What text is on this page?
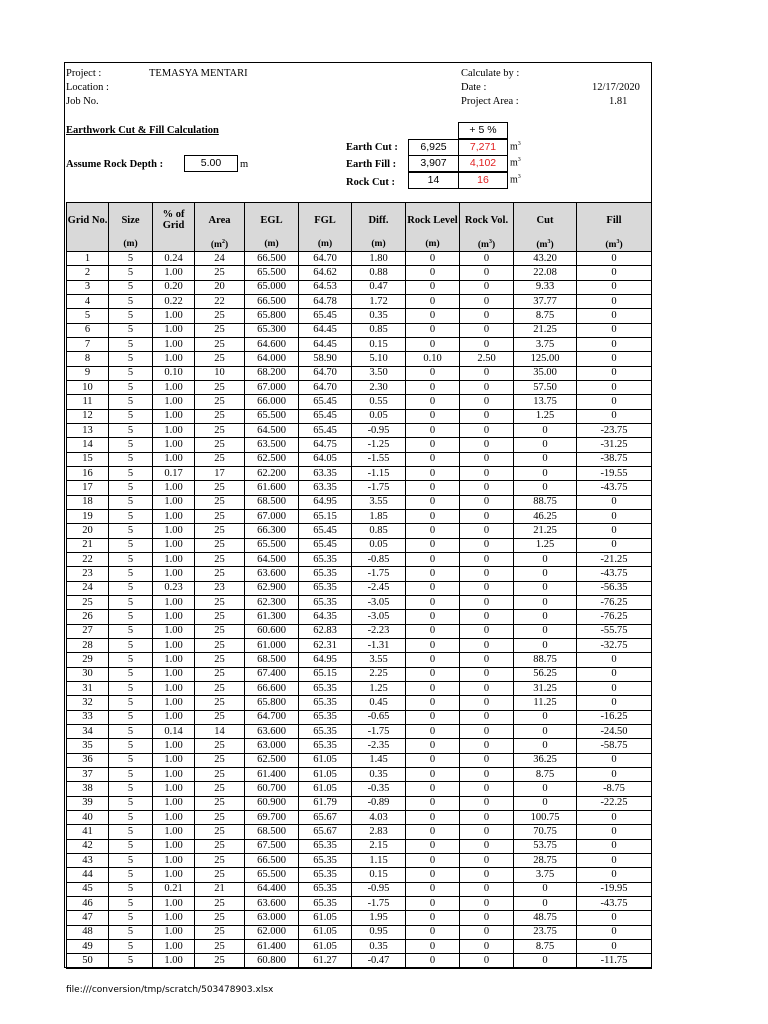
Project :	TEMASYA MENTARI
Location :
Job No.
Calculate by :
Date :	12/17/2020
Project Area :	1.81
Earthwork Cut & Fill Calculation	+ 5 %
Assume Rock Depth :	5.00	m
Earth Cut :	6,925	7,271	$m^3$
Earth Fill :	3,907	4,102	$m^3$
Rock Cut :	14	16	$m^3$
Grid No.	Size	% of Grid	Area	EGL	FGL	Diff.	Rock Level	Rock Vol.	Cut	Fill
	(m)		$(m^2)$	(m)	(m)	(m)	(m)	$(m^3)$	$(m^3)$	$(m^3)$
1	5	0.24	24	66.500	64.70	1.80	0	0	43.20	0
2	5	1.00	25	65.500	64.62	0.88	0	0	22.08	0
3	5	0.20	20	65.000	64.53	0.47	0	0	9.33	0
4	5	0.22	22	66.500	64.78	1.72	0	0	37.77	0
5	5	1.00	25	65.800	65.45	0.35	0	0	8.75	0
6	5	1.00	25	65.300	64.45	0.85	0	0	21.25	0
7	5	1.00	25	64.600	64.45	0.15	0	0	3.75	0
8	5	1.00	25	64.000	58.90	5.10	0.10	2.50	125.00	0
9	5	0.10	10	68.200	64.70	3.50	0	0	35.00	0
10	5	1.00	25	67.000	64.70	2.30	0	0	57.50	0
11	5	1.00	25	66.000	65.45	0.55	0	0	13.75	0
12	5	1.00	25	65.500	65.45	0.05	0	0	1.25	0
13	5	1.00	25	64.500	65.45	-0.95	0	0	0	-23.75
14	5	1.00	25	63.500	64.75	-1.25	0	0	0	-31.25
15	5	1.00	25	62.500	64.05	-1.55	0	0	0	-38.75
16	5	0.17	17	62.200	63.35	-1.15	0	0	0	-19.55
17	5	1.00	25	61.600	63.35	-1.75	0	0	0	-43.75
18	5	1.00	25	68.500	64.95	3.55	0	0	88.75	0
19	5	1.00	25	67.000	65.15	1.85	0	0	46.25	0
20	5	1.00	25	66.300	65.45	0.85	0	0	21.25	0
21	5	1.00	25	65.500	65.45	0.05	0	0	1.25	0
22	5	1.00	25	64.500	65.35	-0.85	0	0	0	-21.25
23	5	1.00	25	63.600	65.35	-1.75	0	0	0	-43.75
24	5	0.23	23	62.900	65.35	-2.45	0	0	0	-56.35
25	5	1.00	25	62.300	65.35	-3.05	0	0	0	-76.25
26	5	1.00	25	61.300	64.35	-3.05	0	0	0	-76.25
27	5	1.00	25	60.600	62.83	-2.23	0	0	0	-55.75
28	5	1.00	25	61.000	62.31	-1.31	0	0	0	-32.75
29	5	1.00	25	68.500	64.95	3.55	0	0	88.75	0
30	5	1.00	25	67.400	65.15	2.25	0	0	56.25	0
31	5	1.00	25	66.600	65.35	1.25	0	0	31.25	0
32	5	1.00	25	65.800	65.35	0.45	0	0	11.25	0
33	5	1.00	25	64.700	65.35	-0.65	0	0	0	-16.25
34	5	0.14	14	63.600	65.35	-1.75	0	0	0	-24.50
35	5	1.00	25	63.000	65.35	-2.35	0	0	0	-58.75
36	5	1.00	25	62.500	61.05	1.45	0	0	36.25	0
37	5	1.00	25	61.400	61.05	0.35	0	0	8.75	0
38	5	1.00	25	60.700	61.05	-0.35	0	0	0	-8.75
39	5	1.00	25	60.900	61.79	-0.89	0	0	0	-22.25
40	5	1.00	25	69.700	65.67	4.03	0	0	100.75	0
41	5	1.00	25	68.500	65.67	2.83	0	0	70.75	0
42	5	1.00	25	67.500	65.35	2.15	0	0	53.75	0
43	5	1.00	25	66.500	65.35	1.15	0	0	28.75	0
44	5	1.00	25	65.500	65.35	0.15	0	0	3.75	0
45	5	0.21	21	64.400	65.35	-0.95	0	0	0	-19.95
46	5	1.00	25	63.600	65.35	-1.75	0	0	0	-43.75
47	5	1.00	25	63.000	61.05	1.95	0	0	48.75	0
48	5	1.00	25	62.000	61.05	0.95	0	0	23.75	0
49	5	1.00	25	61.400	61.05	0.35	0	0	8.75	0
50	5	1.00	25	60.800	61.27	-0.47	0	0	0	-11.75
file:///conversion/tmp/scratch/503478903.xlsx
